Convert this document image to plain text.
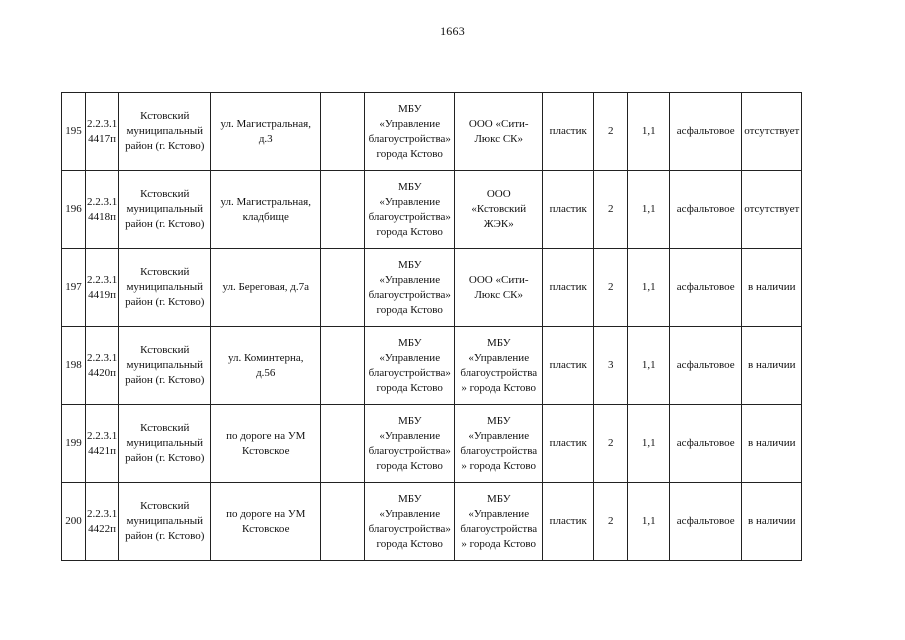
1663
195	2.2.3.1
4417п	Кстовский
муниципальный
район (г. Кстово)	ул. Магистральная,
д.3		МБУ
«Управление
благоустройства»
города Кстово	ООО «Сити-
Люкс СК»	пластик	2	1,1	асфальтовое	отсутствует
196	2.2.3.1
4418п	Кстовский
муниципальный
район (г. Кстово)	ул. Магистральная,
кладбище		МБУ
«Управление
благоустройства»
города Кстово	ООО
«Кстовский
ЖЭК»	пластик	2	1,1	асфальтовое	отсутствует
197	2.2.3.1
4419п	Кстовский
муниципальный
район (г. Кстово)	ул. Береговая, д.7а		МБУ
«Управление
благоустройства»
города Кстово	ООО «Сити-
Люкс СК»	пластик	2	1,1	асфальтовое	в наличии
198	2.2.3.1
4420п	Кстовский
муниципальный
район (г. Кстово)	ул. Коминтерна,
д.56		МБУ
«Управление
благоустройства»
города Кстово	МБУ
«Управление
благоустройства
» города Кстово	пластик	3	1,1	асфальтовое	в наличии
199	2.2.3.1
4421п	Кстовский
муниципальный
район (г. Кстово)	по дороге на УМ
Кстовское		МБУ
«Управление
благоустройства»
города Кстово	МБУ
«Управление
благоустройства
» города Кстово	пластик	2	1,1	асфальтовое	в наличии
200	2.2.3.1
4422п	Кстовский
муниципальный
район (г. Кстово)	по дороге на УМ
Кстовское		МБУ
«Управление
благоустройства»
города Кстово	МБУ
«Управление
благоустройства
» города Кстово	пластик	2	1,1	асфальтовое	в наличии
